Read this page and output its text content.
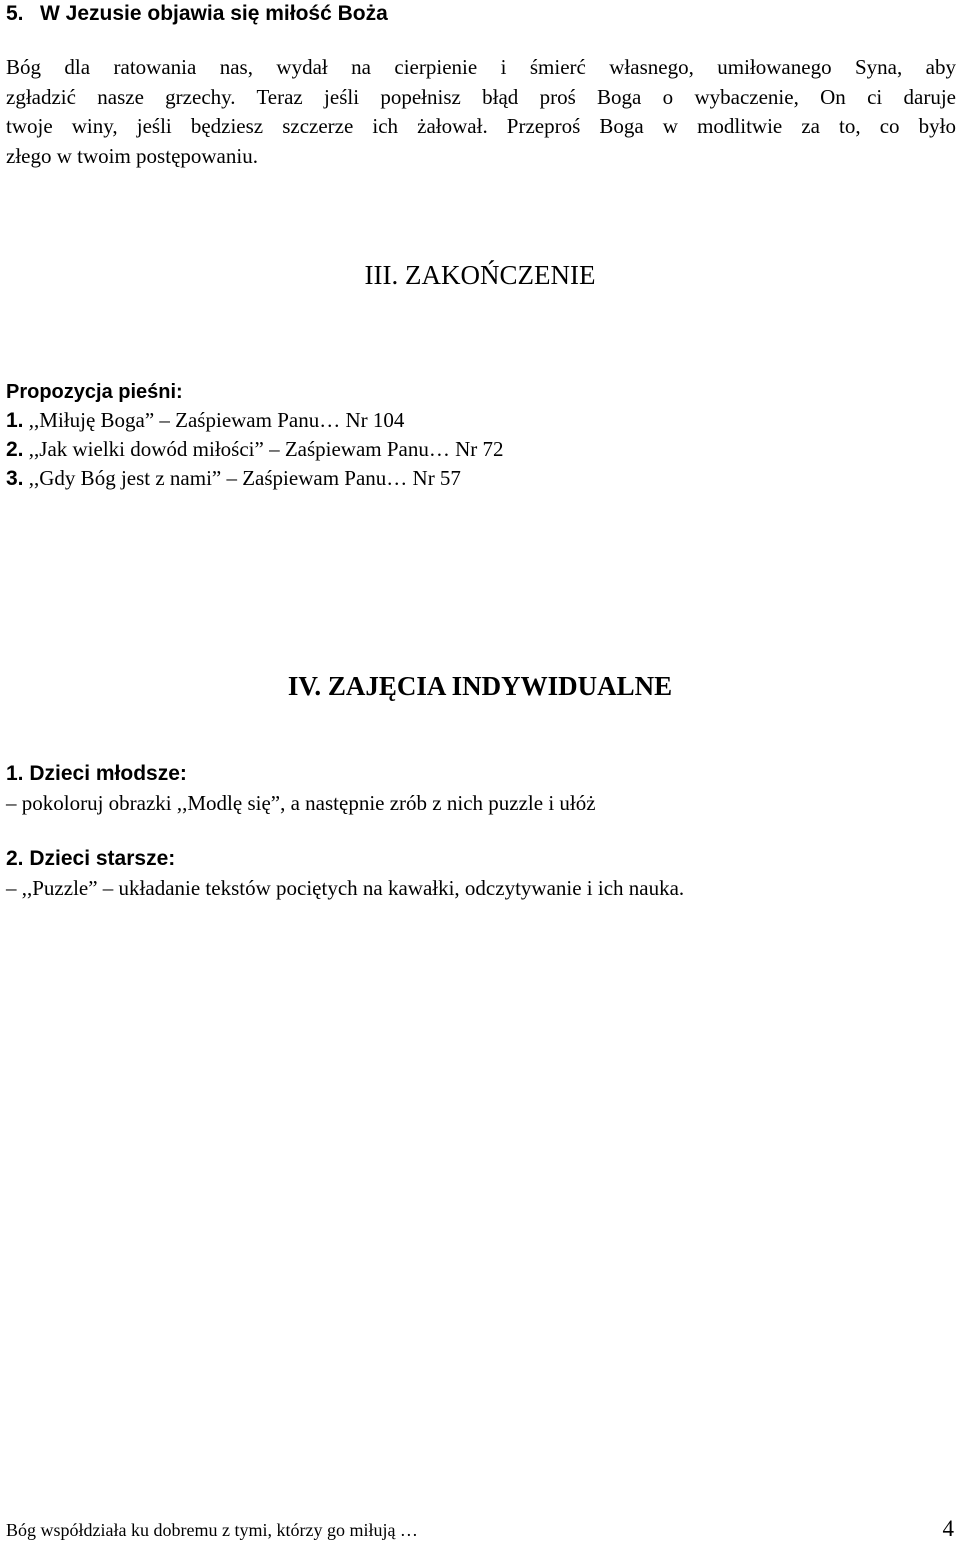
5. W Jezusie objawia się miłość Boża
Bóg dla ratowania nas, wydał na cierpienie i śmierć własnego, umiłowanego Syna, aby
zgładzić nasze grzechy. Teraz jeśli popełnisz błąd proś Boga o wybaczenie, On ci daruje
twoje winy, jeśli będziesz szczerze ich żałował. Przeproś Boga w modlitwie za to, co było
złego w twoim postępowaniu.
III. ZAKOŃCZENIE
Propozycja pieśni:
1. ,,Miłuję Boga” – Zaśpiewam Panu… Nr 104
2. ,,Jak wielki dowód miłości” – Zaśpiewam Panu… Nr 72
3. ,,Gdy Bóg jest z nami” – Zaśpiewam Panu… Nr 57
IV. ZAJĘCIA INDYWIDUALNE
1. Dzieci młodsze:
– pokoloruj obrazki ,,Modlę się”, a następnie zrób z nich puzzle i ułóż
2. Dzieci starsze:
– ,,Puzzle” – układanie tekstów pociętych na kawałki, odczytywanie i ich nauka.
Bóg współdziała ku dobremu z tymi, którzy go miłują …	4
